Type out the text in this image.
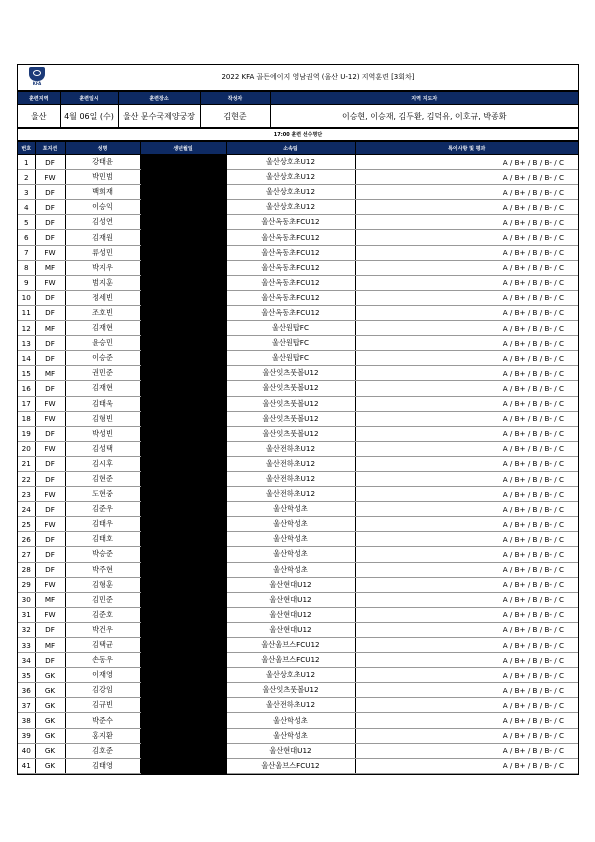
KFA
2022 KFA 골든에이지 영남권역 (울산 U-12) 지역훈련 [3회차]
훈련지역	훈련일시	훈련장소	작성자	지역 지도자
울산	4월 06일 (수)	울산 문수국제양궁장	김현준	이승현, 이승재, 김두환, 김덕유, 이호규, 박종화
17:00 훈련 선수명단
번호	포지션	성명	생년월일	소속팀	특이사항 및 평과
1	DF	강태윤		울산상호초U12	A / B+ / B / B- / C
2	FW	박민범		울산상호초U12	A / B+ / B / B- / C
3	DF	백희재		울산상호초U12	A / B+ / B / B- / C
4	DF	이승익		울산상호초U12	A / B+ / B / B- / C
5	DF	김성연		울산옥동초FCU12	A / B+ / B / B- / C
6	DF	김재원		울산옥동초FCU12	A / B+ / B / B- / C
7	FW	류성민		울산옥동초FCU12	A / B+ / B / B- / C
8	MF	박지우		울산옥동초FCU12	A / B+ / B / B- / C
9	FW	범지훈		울산옥동초FCU12	A / B+ / B / B- / C
10	DF	정세빈		울산옥동초FCU12	A / B+ / B / B- / C
11	DF	조호빈		울산옥동초FCU12	A / B+ / B / B- / C
12	MF	김재현		울산원탑FC	A / B+ / B / B- / C
13	DF	윤승민		울산원탑FC	A / B+ / B / B- / C
14	DF	이승준		울산원탑FC	A / B+ / B / B- / C
15	MF	권민준		울산잇츠풋볼U12	A / B+ / B / B- / C
16	DF	김재현		울산잇츠풋볼U12	A / B+ / B / B- / C
17	FW	김태욱		울산잇츠풋볼U12	A / B+ / B / B- / C
18	FW	김형빈		울산잇츠풋볼U12	A / B+ / B / B- / C
19	DF	박성빈		울산잇츠풋볼U12	A / B+ / B / B- / C
20	FW	김성택		울산전하초U12	A / B+ / B / B- / C
21	DF	김시후		울산전하초U12	A / B+ / B / B- / C
22	DF	김현준		울산전하초U12	A / B+ / B / B- / C
23	FW	도현중		울산전하초U12	A / B+ / B / B- / C
24	DF	김준우		울산학성초	A / B+ / B / B- / C
25	FW	김태우		울산학성초	A / B+ / B / B- / C
26	DF	김태호		울산학성초	A / B+ / B / B- / C
27	DF	박승준		울산학성초	A / B+ / B / B- / C
28	DF	박주현		울산학성초	A / B+ / B / B- / C
29	FW	김형훈		울산현대U12	A / B+ / B / B- / C
30	MF	김민준		울산현대U12	A / B+ / B / B- / C
31	FW	김준호		울산현대U12	A / B+ / B / B- / C
32	DF	박건우		울산현대U12	A / B+ / B / B- / C
33	MF	김택균		울산울브스FCU12	A / B+ / B / B- / C
34	DF	손동우		울산울브스FCU12	A / B+ / B / B- / C
35	GK	이재영		울산상호초U12	A / B+ / B / B- / C
36	GK	김강임		울산잇츠풋볼U12	A / B+ / B / B- / C
37	GK	김규빈		울산전하초U12	A / B+ / B / B- / C
38	GK	박준수		울산학성초	A / B+ / B / B- / C
39	GK	홍지환		울산학성초	A / B+ / B / B- / C
40	GK	김호준		울산현대U12	A / B+ / B / B- / C
41	GK	김태영		울산울브스FCU12	A / B+ / B / B- / C
